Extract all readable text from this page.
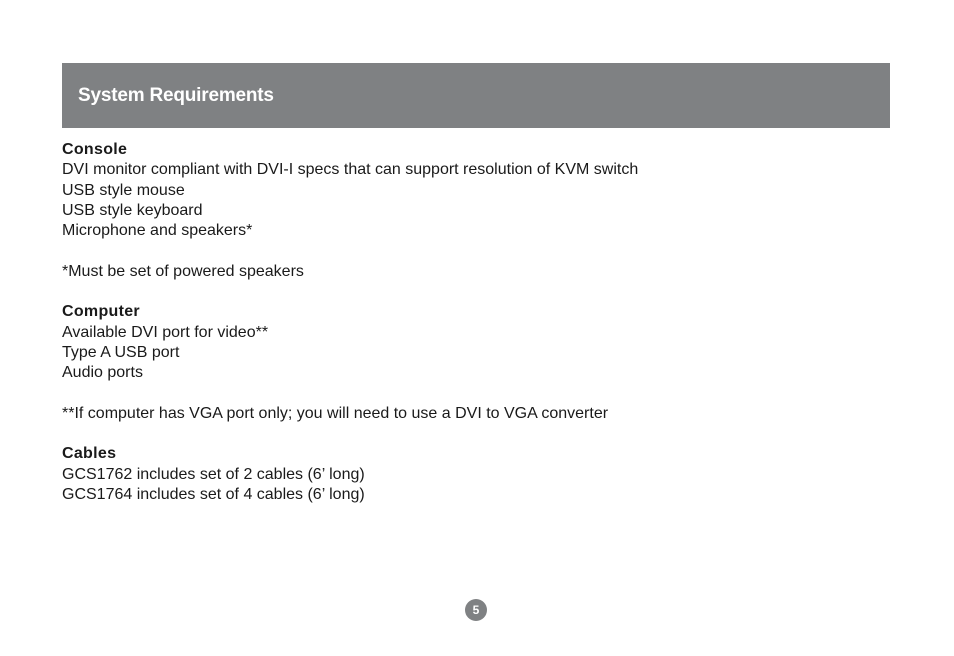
System Requirements
Console
DVI monitor compliant with DVI-I specs that can support resolution of KVM switch
USB style mouse
USB style keyboard
Microphone and speakers*
*Must be set of powered speakers
Computer
Available DVI port for video**
Type A USB port
Audio ports
**If computer has VGA port only; you will need to use a DVI to VGA converter
Cables
GCS1762 includes set of 2 cables (6’ long)
GCS1764 includes set of 4 cables (6’ long)
5
